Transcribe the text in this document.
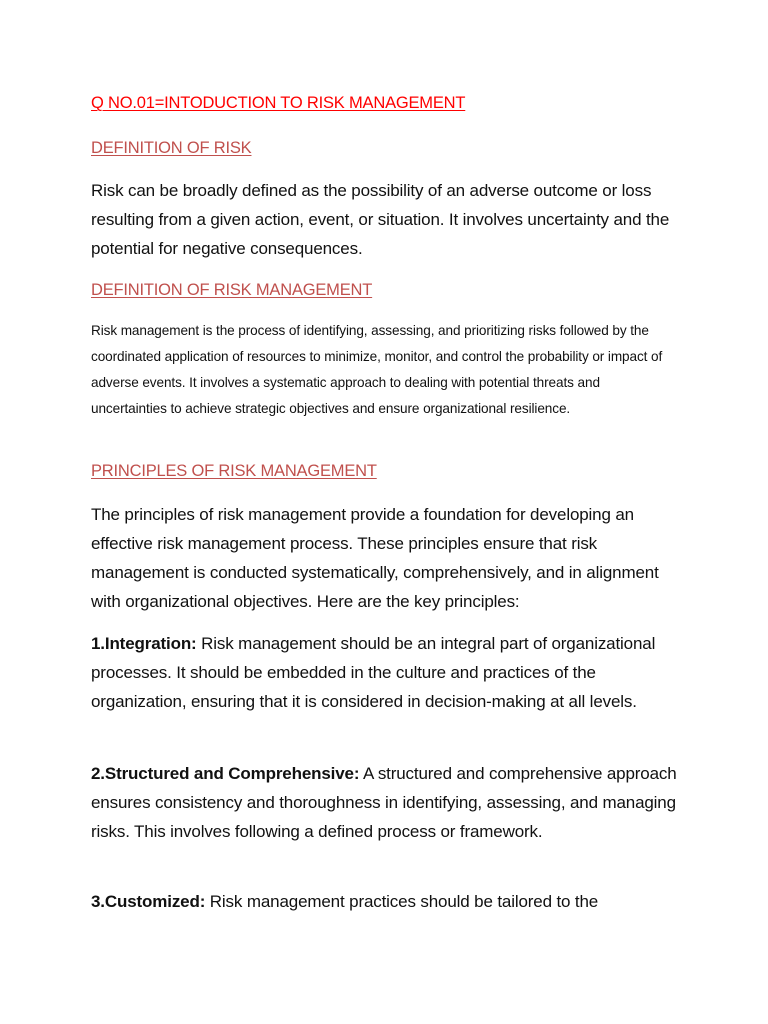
Q NO.01=INTODUCTION TO RISK MANAGEMENT
DEFINITION OF RISK

Risk can be broadly defined as the possibility of an adverse outcome or loss resulting from a given action, event, or situation. It involves uncertainty and the potential for negative consequences.

DEFINITION OF RISK MANAGEMENT

Risk management is the process of identifying, assessing, and prioritizing risks followed by the coordinated application of resources to minimize, monitor, and control the probability or impact of adverse events. It involves a systematic approach to dealing with potential threats and uncertainties to achieve strategic objectives and ensure organizational resilience.

PRINCIPLES OF RISK MANAGEMENT

The principles of risk management provide a foundation for developing an effective risk management process. These principles ensure that risk management is conducted systematically, comprehensively, and in alignment with organizational objectives. Here are the key principles:

1.Integration: Risk management should be an integral part of organizational processes. It should be embedded in the culture and practices of the organization, ensuring that it is considered in decision-making at all levels.

2.Structured and Comprehensive: A structured and comprehensive approach ensures consistency and thoroughness in identifying, assessing, and managing risks. This involves following a defined process or framework.

3.Customized: Risk management practices should be tailored to the
